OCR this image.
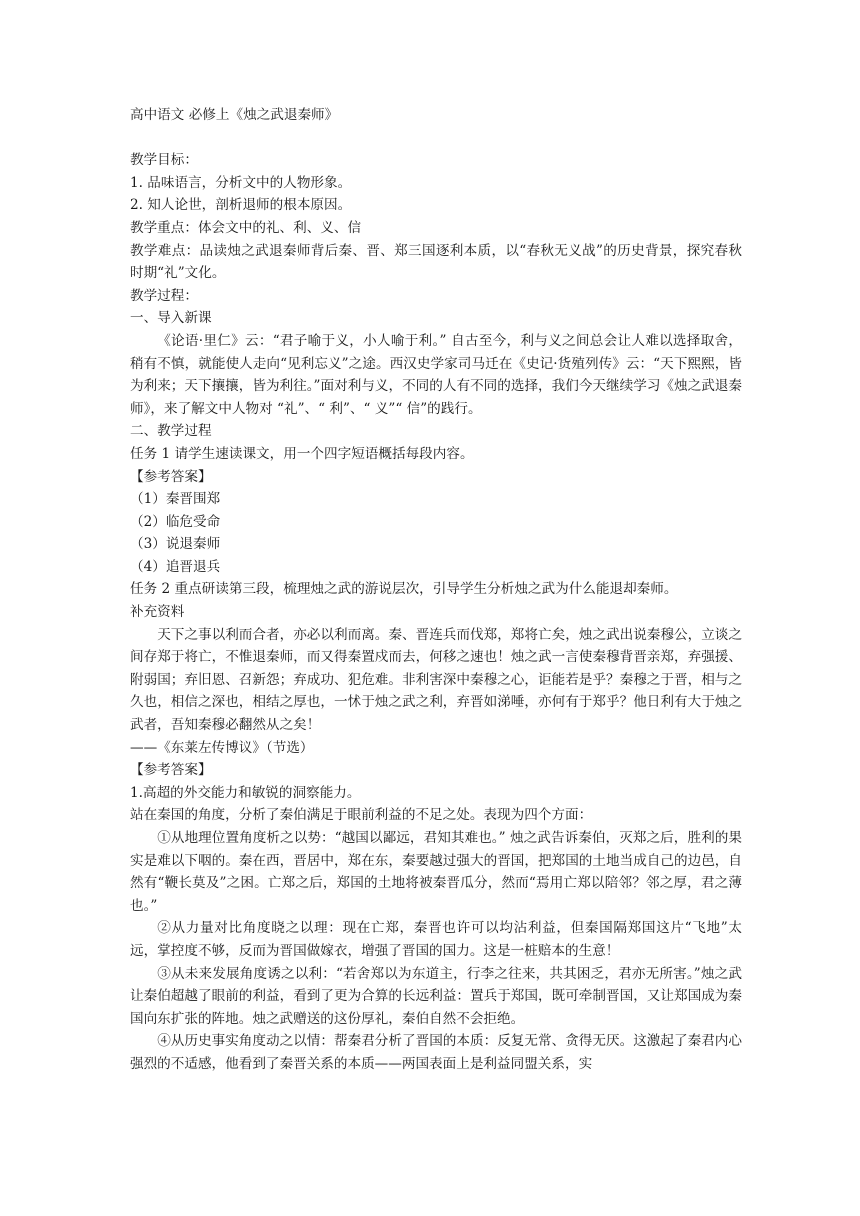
高中语文 必修上《烛之武退秦师》

教学目标：

1. 品味语言，分析文中的人物形象。

2. 知人论世，剖析退师的根本原因。

教学重点：体会文中的礼、利、义、信

教学难点：品读烛之武退秦师背后秦、晋、郑三国逐利本质，以“春秋无义战”的历史背景，探究春秋时期“礼”文化。

教学过程：

一、导入新课

《论语·里仁》云：“君子喻于义，小人喻于利。” 自古至今，利与义之间总会让人难以选择取舍，稍有不慎，就能使人走向“见利忘义”之途。西汉史学家司马迁在《史记·货殖列传》云：“天下熙熙，皆为利来；天下攘攘，皆为利往。”面对利与义，不同的人有不同的选择，我们今天继续学习《烛之武退秦师》，来了解文中人物对 “礼”、“ 利”、“ 义”“ 信”的践行。

二、教学过程

任务 1 请学生速读课文，用一个四字短语概括每段内容。

【参考答案】

（1）秦晋围郑

（2）临危受命

（3）说退秦师

（4）追晋退兵

任务 2 重点研读第三段，梳理烛之武的游说层次，引导学生分析烛之武为什么能退却秦师。

补充资料

天下之事以利而合者，亦必以利而离。秦、晋连兵而伐郑，郑将亡矣，烛之武出说秦穆公，立谈之间存郑于将亡，不惟退秦师，而又得秦置戍而去，何移之速也！烛之武一言使秦穆背晋亲郑，弃强援、附弱国；弃旧恩、召新怨；弃成功、犯危难。非利害深中秦穆之心，讵能若是乎？秦穆之于晋，相与之久也，相信之深也，相结之厚也，一怵于烛之武之利，弃晋如涕唾，亦何有于郑乎？他日利有大于烛之武者，吾知秦穆必翻然从之矣！

——《东莱左传博议》（节选）

【参考答案】

1.高超的外交能力和敏锐的洞察能力。

站在秦国的角度，分析了秦伯满足于眼前利益的不足之处。表现为四个方面：

①从地理位置角度析之以势：“越国以鄙远，君知其难也。” 烛之武告诉秦伯，灭郑之后，胜利的果实是难以下咽的。秦在西，晋居中，郑在东，秦要越过强大的晋国，把郑国的土地当成自己的边邑，自然有“鞭长莫及”之困。亡郑之后，郑国的土地将被秦晋瓜分，然而“焉用亡郑以陪邻？邻之厚，君之薄也。”

②从力量对比角度晓之以理：现在亡郑，秦晋也许可以均沾利益，但秦国隔郑国这片“飞地”太远，掌控度不够，反而为晋国做嫁衣，增强了晋国的国力。这是一桩赔本的生意！

③从未来发展角度诱之以利：“若舍郑以为东道主，行李之往来，共其困乏，君亦无所害。”烛之武让秦伯超越了眼前的利益，看到了更为合算的长远利益：置兵于郑国，既可牵制晋国，又让郑国成为秦国向东扩张的阵地。烛之武赠送的这份厚礼，秦伯自然不会拒绝。

④从历史事实角度动之以情：帮秦君分析了晋国的本质：反复无常、贪得无厌。这激起了秦君内心强烈的不适感，他看到了秦晋关系的本质——两国表面上是利益同盟关系，实
